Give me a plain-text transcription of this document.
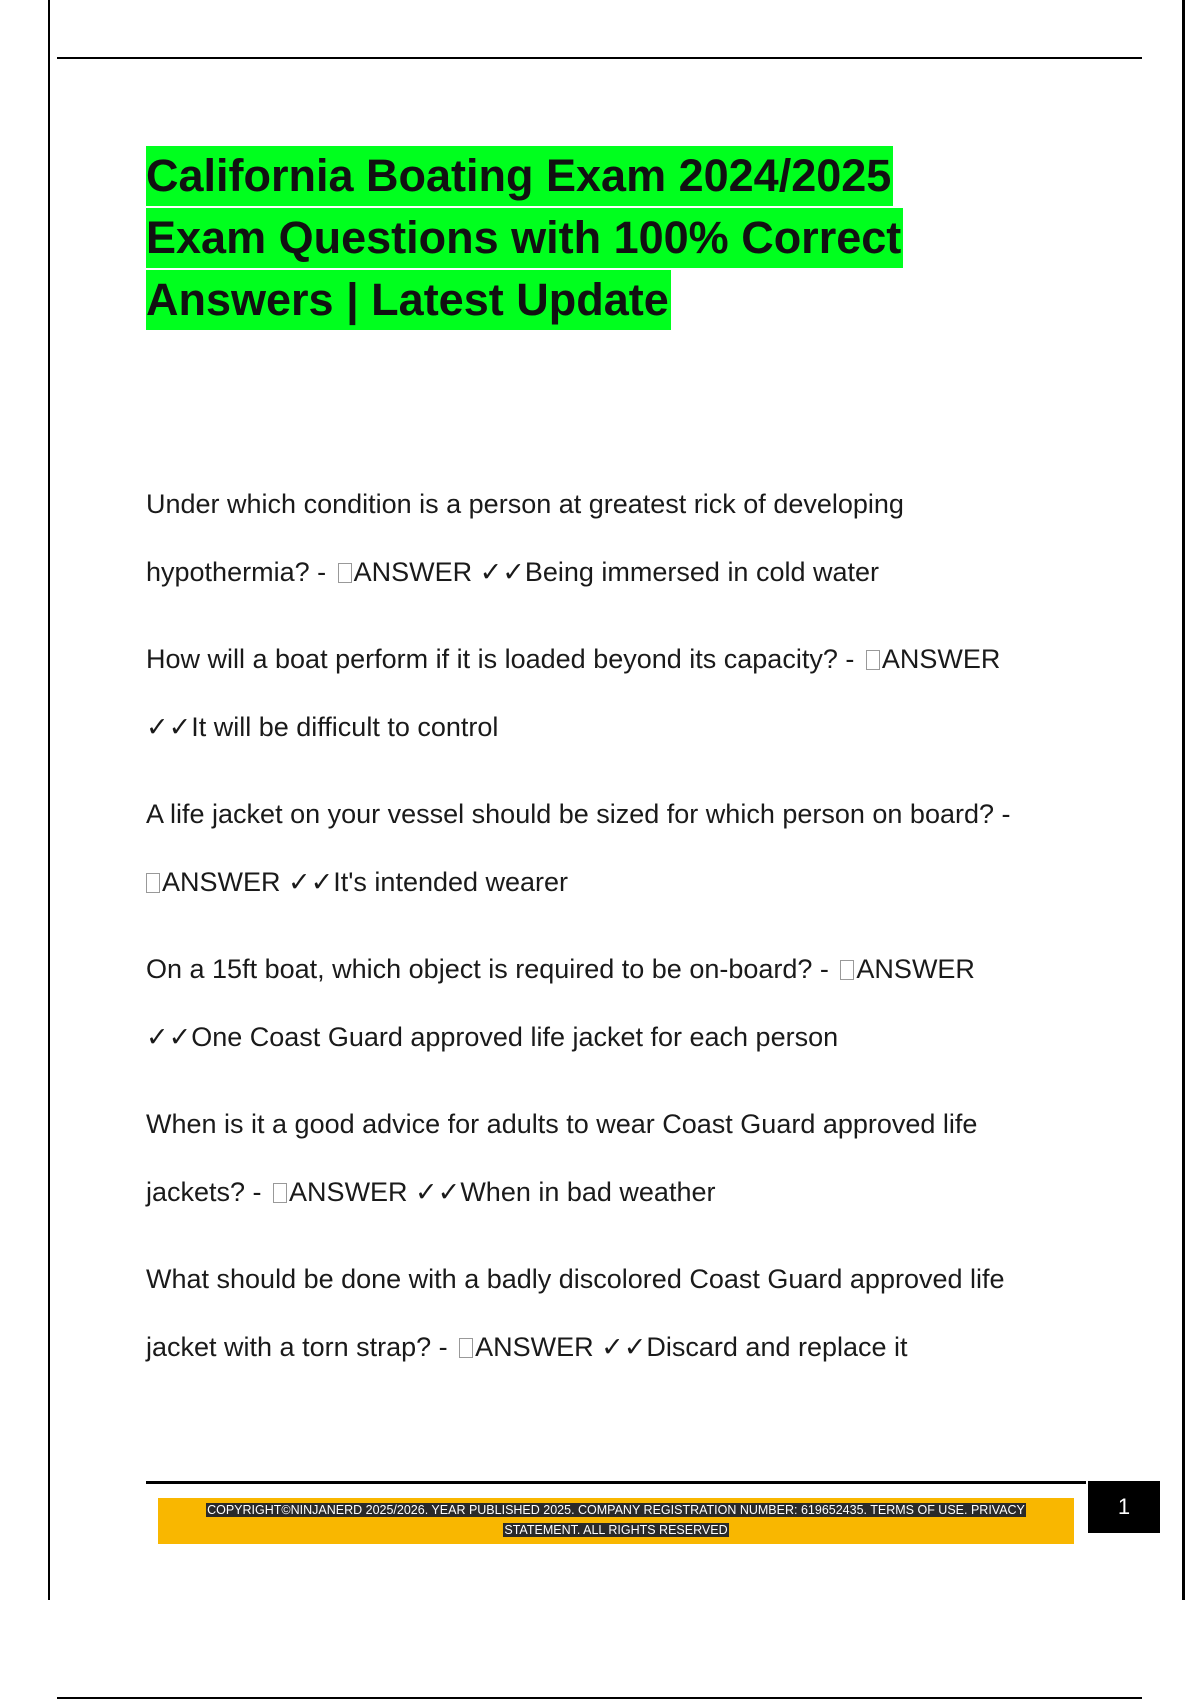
California Boating Exam 2024/2025
Exam Questions with 100% Correct
Answers | Latest Update
Under which condition is a person at greatest rick of developing
hypothermia? - ANSWER ✓✓Being immersed in cold water
How will a boat perform if it is loaded beyond its capacity? - ANSWER
✓✓It will be difficult to control
A life jacket on your vessel should be sized for which person on board? -
ANSWER ✓✓It's intended wearer
On a 15ft boat, which object is required to be on-board? - ANSWER
✓✓One Coast Guard approved life jacket for each person
When is it a good advice for adults to wear Coast Guard approved life
jackets? - ANSWER ✓✓When in bad weather
What should be done with a badly discolored Coast Guard approved life
jacket with a torn strap? - ANSWER ✓✓Discard and replace it
COPYRIGHT©NINJANERD 2025/2026. YEAR PUBLISHED 2025. COMPANY REGISTRATION NUMBER: 619652435. TERMS OF USE. PRIVACY
STATEMENT. ALL RIGHTS RESERVED
1
